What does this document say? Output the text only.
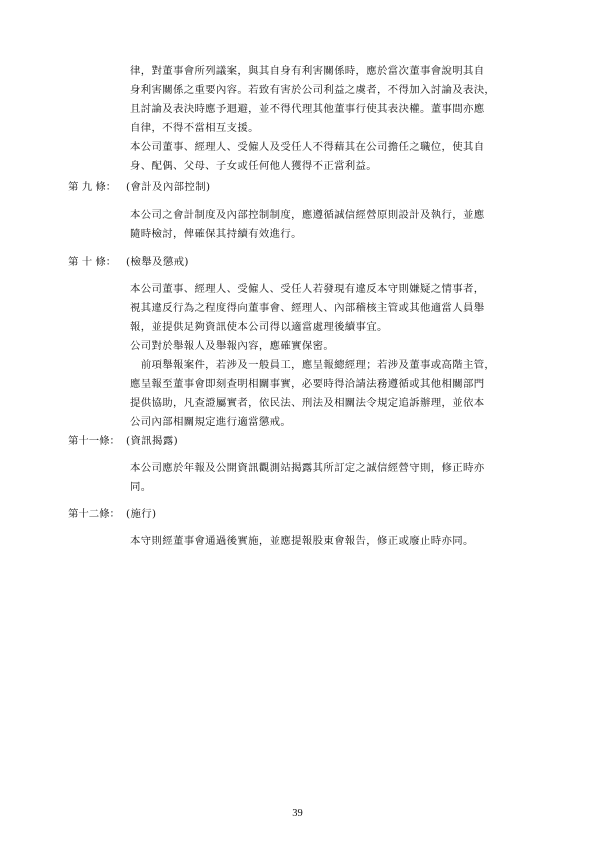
律，對董事會所列議案，與其自身有利害關係時，應於當次董事會說明其自
身利害關係之重要內容。若致有害於公司利益之虞者，不得加入討論及表決，
且討論及表決時應予迴避，並不得代理其他董事行使其表決權。董事間亦應
自律，不得不當相互支援。
本公司董事、經理人、受僱人及受任人不得藉其在公司擔任之職位，使其自
身、配偶、父母、子女或任何他人獲得不正當利益。

第 九 條： (會計及內部控制)

本公司之會計制度及內部控制制度，應遵循誠信經營原則設計及執行，並應
隨時檢討，俾確保其持續有效進行。

第 十 條： (檢舉及懲戒)

本公司董事、經理人、受僱人、受任人若發現有違反本守則嫌疑之情事者，
視其違反行為之程度得向董事會、經理人、內部稽核主管或其他適當人員舉
報，並提供足夠資訊使本公司得以適當處理後續事宜。
公司對於舉報人及舉報內容，應確實保密。
　前項舉報案件，若涉及一般員工，應呈報總經理；若涉及董事或高階主管，
應呈報至董事會即刻查明相關事實，必要時得洽請法務遵循或其他相關部門
提供協助，凡查證屬實者，依民法、刑法及相關法令規定追訴辦理，並依本
公司內部相關規定進行適當懲戒。

第十一條： (資訊揭露)

本公司應於年報及公開資訊觀測站揭露其所訂定之誠信經營守則，修正時亦
同。

第十二條： (施行)

本守則經董事會通過後實施，並應提報股東會報告，修正或廢止時亦同。

39
